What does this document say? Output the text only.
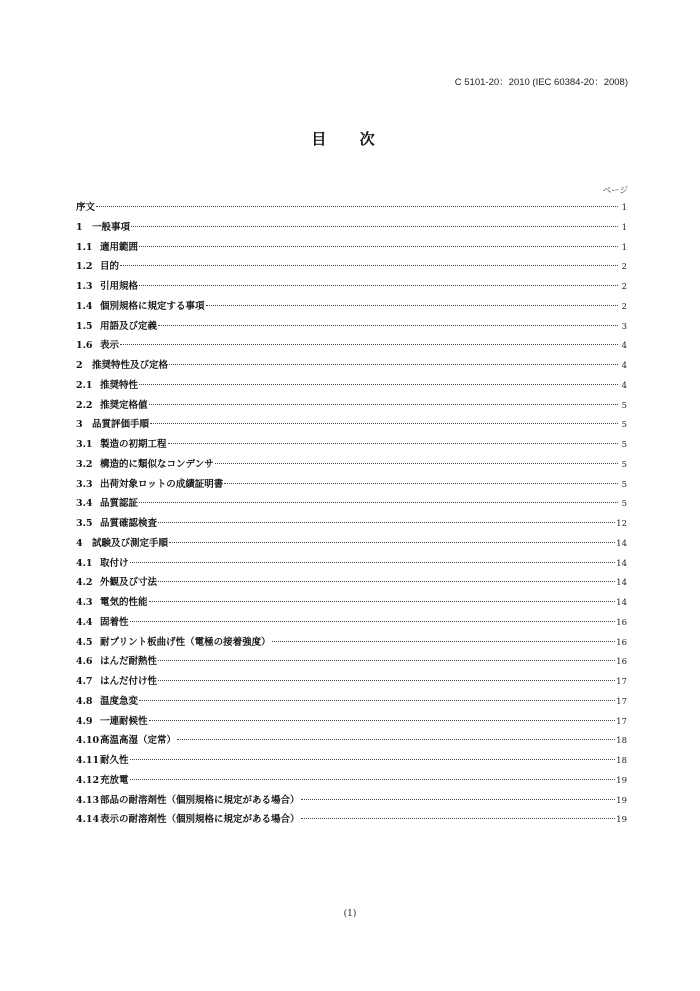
C 5101-20：2010 (IEC 60384-20：2008)
目 次
ページ
序文	1
1 一般事項	1
1.1 適用範囲	1
1.2 目的	2
1.3 引用規格	2
1.4 個別規格に規定する事項	2
1.5 用語及び定義	3
1.6 表示	4
2 推奨特性及び定格	4
2.1 推奨特性	4
2.2 推奨定格値	5
3 品質評価手順	5
3.1 製造の初期工程	5
3.2 構造的に類似なコンデンサ	5
3.3 出荷対象ロットの成績証明書	5
3.4 品質認証	5
3.5 品質確認検査	12
4 試験及び測定手順	14
4.1 取付け	14
4.2 外観及び寸法	14
4.3 電気的性能	14
4.4 固着性	16
4.5 耐プリント板曲げ性（電極の接着強度）	16
4.6 はんだ耐熱性	16
4.7 はんだ付け性	17
4.8 温度急変	17
4.9 一連耐候性	17
4.10 高温高湿（定常）	18
4.11 耐久性	18
4.12 充放電	19
4.13 部品の耐溶剤性（個別規格に規定がある場合）	19
4.14 表示の耐溶剤性（個別規格に規定がある場合）	19
(1)
